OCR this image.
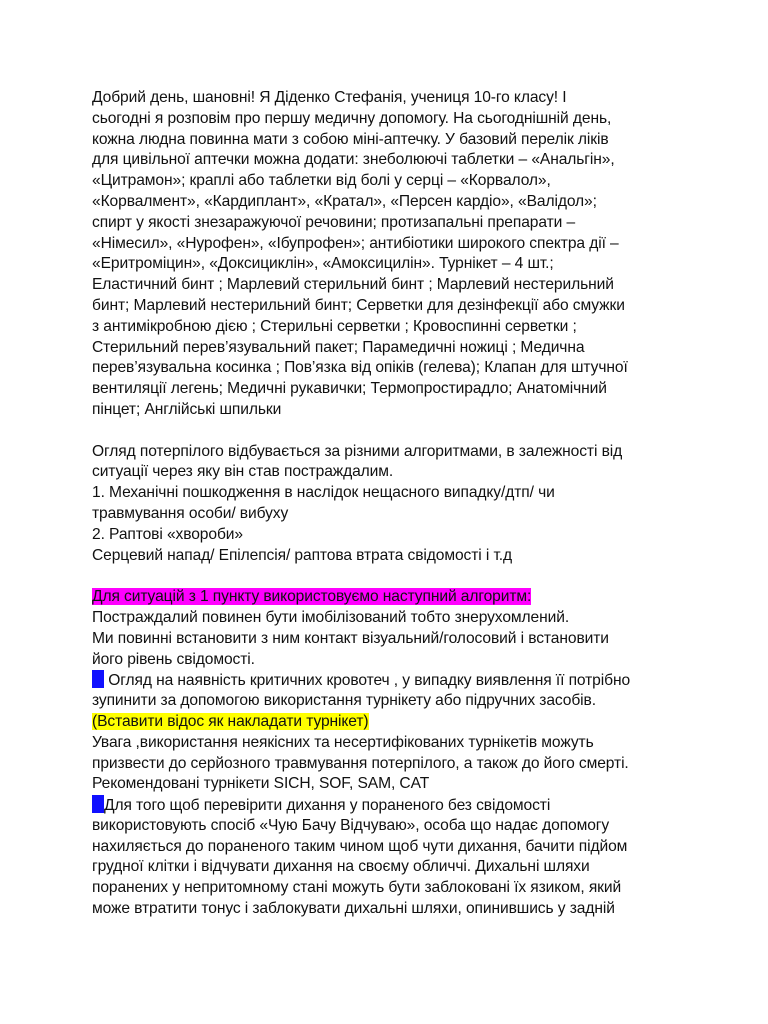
Добрий день, шановні! Я Діденко Стефанія, учениця 10-го класу! І
сьогодні я розповім про першу медичну допомогу. На сьогоднішній день,
кожна людна повинна мати з собою міні-аптечку. У базовий перелік ліків
для цивільної аптечки можна додати: знеболюючі таблетки – «Анальгін»,
«Цитрамон»; краплі або таблетки від болі у серці – «Корвалол»,
«Корвалмент», «Кардиплант», «Кратал», «Персен кардіо», «Валідол»;
спирт у якості знезаражуючої речовини; протизапальні препарати –
«Німесил», «Нурофен», «Ібупрофен»; антибіотики широкого спектра дії –
«Еритроміцин», «Доксициклін», «Амоксицилін». Турнікет – 4 шт.;
Еластичний бинт ; Марлевий стерильний бинт ; Марлевий нестерильний
бинт; Марлевий нестерильний бинт; Серветки для дезінфекції або смужки
з антимікробною дією ; Стерильні серветки ; Кровоспинні серветки ;
Стерильний перев’язувальний пакет; Парамедичні ножиці ; Медична
перев’язувальна косинка ; Пов’язка від опіків (гелева); Клапан для штучної
вентиляції легень; Медичні рукавички; Термопростирадло; Анатомічний
пінцет; Англійські шпильки
Огляд потерпілого відбувається за різними алгоритмами, в залежності від
ситуації через яку він став постраждалим.
1. Механічні пошкодження в наслідок нещасного випадку/дтп/ чи
травмування особи/ вибуху
2. Раптові «хвороби»
Серцевий напад/ Епілепсія/ раптова втрата свідомості і т.д
Для ситуацій з 1 пункту використовуємо наступний алгоритм:
Постраждалий повинен бути імобілізований тобто знерухомлений.
Ми повинні встановити з ним контакт візуальний/голосовий і встановити
його рівень свідомості.
1 Огляд на наявність критичних кровотеч , у випадку виявлення її потрібно
зупинити за допомогою використання турнікету або підручних засобів.
(Вставити відос як накладати турнікет)
Увага ,використання неякісних та несертифікованих турнікетів можуть
призвести до серйозного травмування потерпілого, а також до його смерті.
Рекомендовані турнікети SICH, SOF, SAM, CAT
2 Для того щоб перевірити дихання у пораненого без свідомості
використовують спосіб «Чую Бачу Відчуваю», особа що надає допомогу
нахиляється до пораненого таким чином щоб чути дихання, бачити підйом
грудної клітки і відчувати дихання на своєму обличчі. Дихальні шляхи
поранених у непритомному стані можуть бути заблоковані їх язиком, який
може втратити тонус і заблокувати дихальні шляхи, опинившись у задній
